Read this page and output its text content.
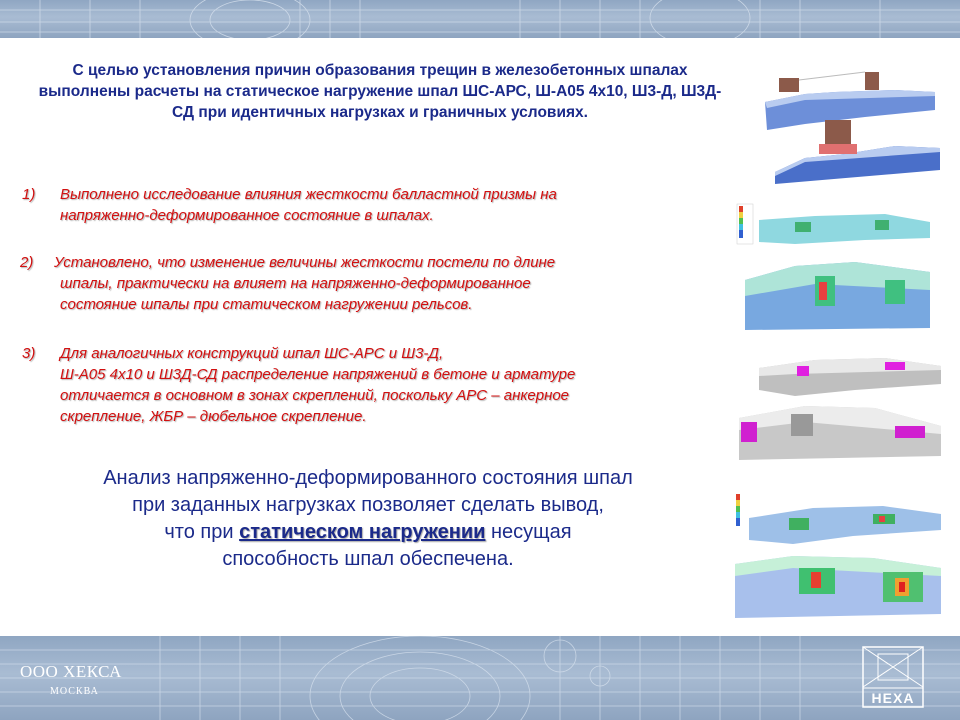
С целью установления причин образования трещин в железобетонных шпалах выполнены расчеты на статическое нагружение шпал ШС-АРС, Ш-А05 4х10, Ш3-Д, Ш3Д-СД при идентичных нагрузках и граничных условиях.
1) Выполнено исследование влияния жесткости балластной призмы на
напряженно-деформированное состояние в шпалах.
2) Установлено, что изменение величины жесткости постели по длине
шпалы, практически на влияет на напряженно-деформированное
состояние шпалы при статическом нагружении рельсов.
3) Для аналогичных конструкций шпал ШС-АРС и Ш3-Д,
Ш-А05 4х10 и Ш3Д-СД распределение напряжений в бетоне и арматуре
отличается в основном в зонах скреплений, поскольку АРС – анкерное
скрепление, ЖБР – дюбельное скрепление.
Анализ напряженно-деформированного состояния шпал
при заданных нагрузках позволяет сделать вывод,
что при статическом нагружении несущая
способность шпал обеспечена.
ООО ХЕКСА
МОСКВА	HEXA
